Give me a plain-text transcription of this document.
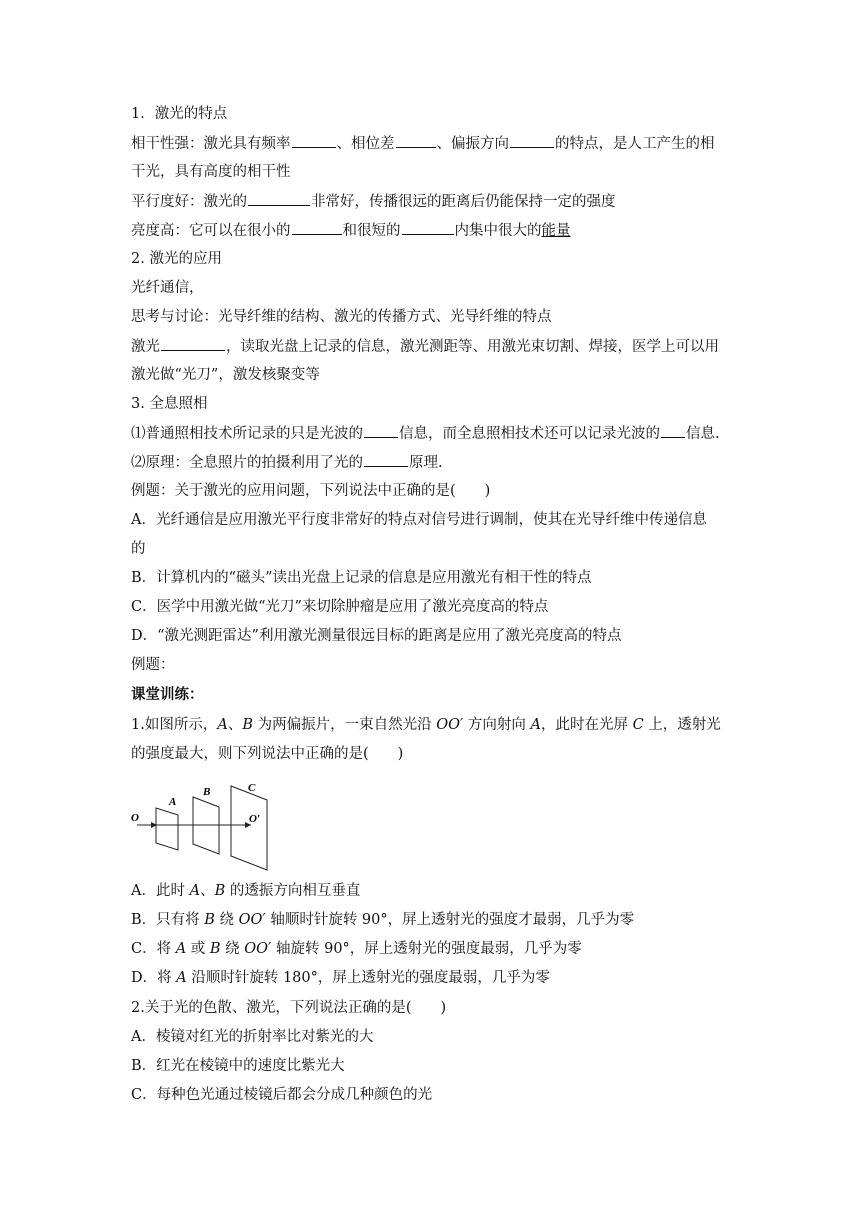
1．激光的特点
相干性强：激光具有频率	、相位差	、偏振方向	的特点，是人工产生的相
干光，具有高度的相干性
平行度好：激光的	非常好，传播很远的距离后仍能保持一定的强度
亮度高：它可以在很小的	和很短的	内集中很大的能量
2. 激光的应用
光纤通信，
思考与讨论：光导纤维的结构、激光的传播方式、光导纤维的特点
激光	，读取光盘上记录的信息，激光测距等、用激光束切割、焊接，医学上可以用
激光做“光刀”，激发核聚变等
3. 全息照相
⑴普通照相技术所记录的只是光波的 信息，而全息照相技术还可以记录光波的 信息.
⑵原理：全息照片的拍摄利用了光的	原理.
例题：关于激光的应用问题，下列说法中正确的是(　　)
A．光纤通信是应用激光平行度非常好的特点对信号进行调制，使其在光导纤维中传递信息
的
B．计算机内的“磁头”读出光盘上记录的信息是应用激光有相干性的特点
C．医学中用激光做“光刀”来切除肿瘤是应用了激光亮度高的特点
D．“激光测距雷达”利用激光测量很远目标的距离是应用了激光亮度高的特点
例题：
课堂训练：
1.如图所示，A、B 为两偏振片，一束自然光沿 OO′ 方向射向 A，此时在光屏 C 上，透射光
的强度最大，则下列说法中正确的是(　　)
A
B	C
O	O′
A．此时 A、B 的透振方向相互垂直
B．只有将 B 绕 OO′ 轴顺时针旋转 90°，屏上透射光的强度才最弱，几乎为零
C．将 A 或 B 绕 OO′ 轴旋转 90°，屏上透射光的强度最弱，几乎为零
D．将 A 沿顺时针旋转 180°，屏上透射光的强度最弱，几乎为零
2.关于光的色散、激光，下列说法正确的是(　　)
A．棱镜对红光的折射率比对紫光的大
B．红光在棱镜中的速度比紫光大
C．每种色光通过棱镜后都会分成几种颜色的光
